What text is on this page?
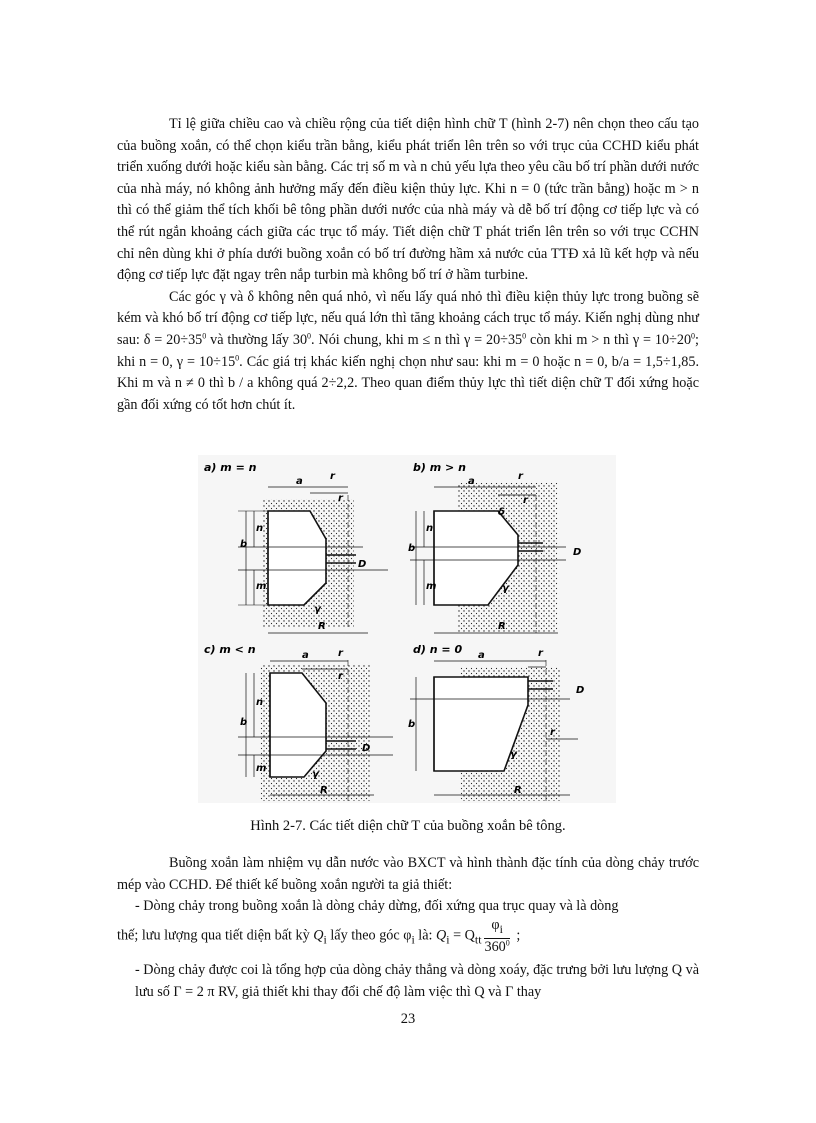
Tỉ lệ giữa chiều cao và chiều rộng của tiết diện hình chữ T (hình 2-7) nên chọn theo cấu tạo của buồng xoắn, có thể chọn kiểu trần bằng, kiểu phát triển lên trên so với trục của CCHD kiểu phát triển xuống dưới hoặc kiểu sàn bằng. Các trị số m và n chủ yếu lựa theo yêu cầu bố trí phần dưới nước của nhà máy, nó không ảnh hưởng mấy đến điều kiện thủy lực. Khi n = 0 (tức trần bằng) hoặc m > n thì có thể giảm thể tích khối bê tông phần dưới nước của nhà máy và dễ bố trí động cơ tiếp lực và có thể rút ngắn khoảng cách giữa các trục tổ máy. Tiết diện chữ T phát triển lên trên so với trục CCHN chỉ nên dùng khi ở phía dưới buồng xoắn có bố trí đường hầm xả nước của TTĐ xả lũ kết hợp và nếu động cơ tiếp lực đặt ngay trên nắp turbin mà không bố trí ở hầm turbine.

Các góc γ và δ không nên quá nhỏ, vì nếu lấy quá nhỏ thì điều kiện thủy lực trong buồng sẽ kém và khó bố trí động cơ tiếp lực, nếu quá lớn thì tăng khoảng cách trục tổ máy. Kiến nghị dùng như sau: $\delta = 20\div 35^0$ và thường lấy $30^0$. Nói chung, khi m ≤ n thì $\gamma = 20\div 35^0$ còn khi m > n thì $\gamma = 10\div 20^0$; khi n = 0, $\gamma = 10\div 15^0$. Các giá trị khác kiến nghị chọn như sau: khi m = 0 hoặc n = 0, b/a = 1,5÷1,85. Khi m và n ≠ 0 thì b / a không quá 2÷2,2. Theo quan điểm thủy lực thì tiết diện chữ T đối xứng hoặc gần đối xứng có tốt hơn chút ít.

a) m = n
a	r
r
b
n
m
γ
D
R
b) m > n
a	r
r
b
n
m
δ
γ
D
R
c) m < n	a	r
r
b
n
m
γ
D
R
d) n = 0 a	r
r
b
γ
D
R
Hình 2-7. Các tiết diện chữ T của buồng xoắn bê tông.

Buồng xoắn làm nhiệm vụ dẫn nước vào BXCT và hình thành đặc tính của dòng chảy trước mép vào CCHD. Để thiết kế buồng xoắn người ta giả thiết:

- Dòng chảy trong buồng xoắn là dòng chảy dừng, đối xứng qua trục quay và là dòng

thế; lưu lượng qua tiết diện bất kỳ $Q_i$ lấy theo góc $\varphi_i$ là: $Q_i = Q_{tt} \frac{\varphi_i}{360^0}$ ;

- Dòng chảy được coi là tổng hợp của dòng chảy thẳng và dòng xoáy, đặc trưng bởi lưu lượng Q và lưu số Γ = 2 π RV, giả thiết khi thay đổi chế độ làm việc thì Q và Γ thay

23
